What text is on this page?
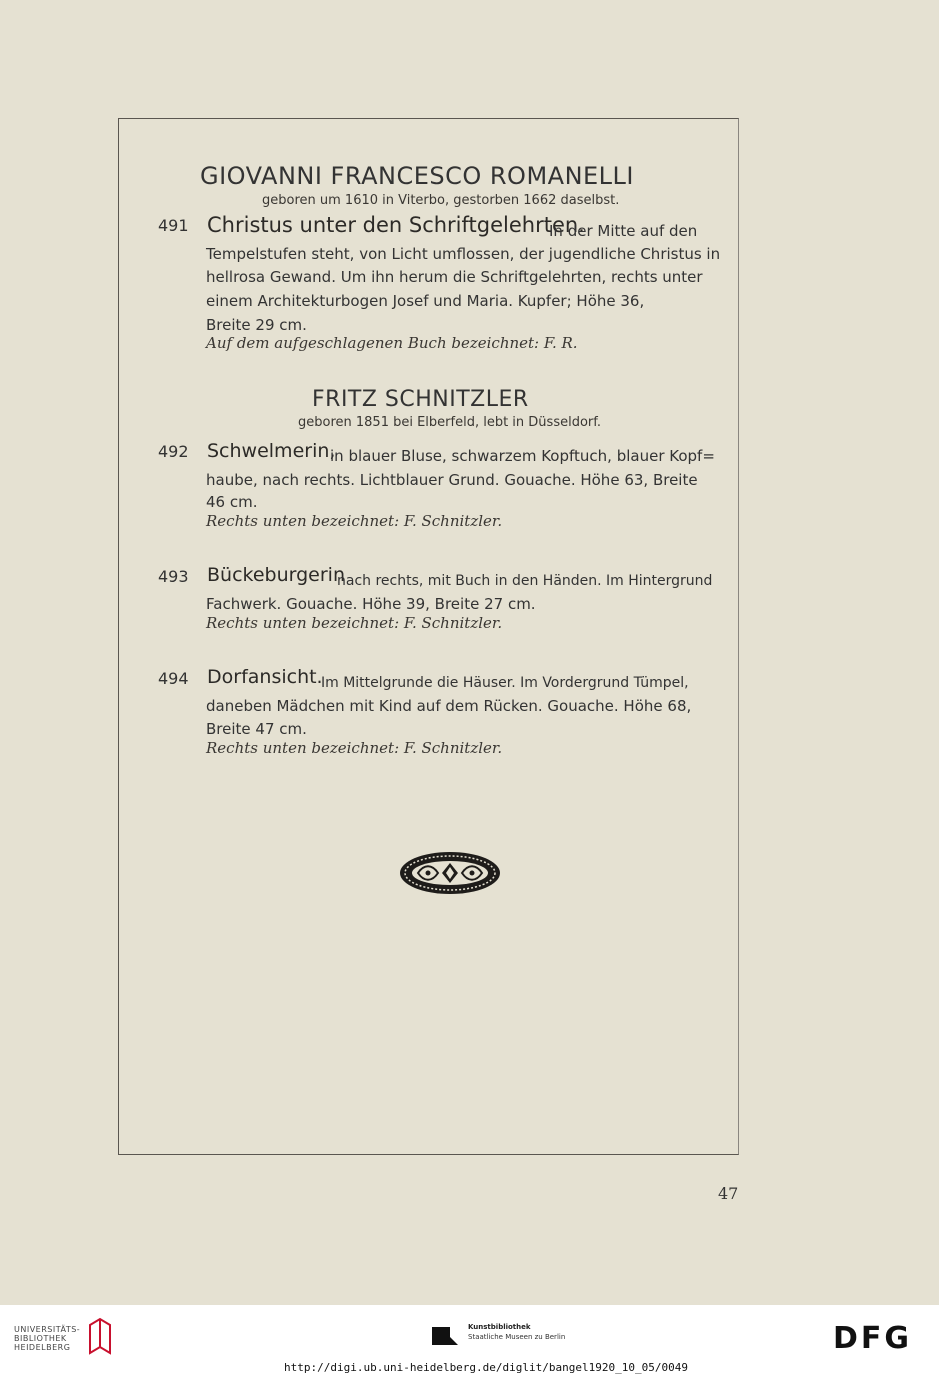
GIOVANNI FRANCESCO ROMANELLI
geboren um 1610 in Viterbo, gestorben 1662 daselbst.
491 Christus unter den Schriftgelehrten.
In der Mitte auf den
Tempelstufen steht, von Licht umflossen, der jugendliche Christus in
hellrosa Gewand. Um ihn herum die Schriftgelehrten, rechts unter
einem Architekturbogen Josef und Maria. Kupfer; Höhe 36,
Breite 29 cm.
Auf dem aufgeschlagenen Buch bezeichnet: F. R.
FRITZ SCHNITZLER
geboren 1851 bei Elberfeld, lebt in Düsseldorf.
492 Schwelmerin,
in blauer Bluse, schwarzem Kopftuch, blauer Kopf=
haube, nach rechts. Lichtblauer Grund. Gouache. Höhe 63, Breite
46 cm.
Rechts unten bezeichnet: F. Schnitzler.
493 Bückeburgerin
nach rechts, mit Buch in den Händen. Im Hintergrund
Fachwerk. Gouache. Höhe 39, Breite 27 cm.
Rechts unten bezeichnet: F. Schnitzler.
494 Dorfansicht.
Im Mittelgrunde die Häuser. Im Vordergrund Tümpel,
daneben Mädchen mit Kind auf dem Rücken. Gouache. Höhe 68,
Breite 47 cm.
Rechts unten bezeichnet: F. Schnitzler.
47
UNIVERSITÄTS-
BIBLIOTHEK
HEIDELBERG
Kunstbibliothek
Staatliche Museen zu Berlin	DFG
http://digi.ub.uni-heidelberg.de/diglit/bangel1920_10_05/0049
